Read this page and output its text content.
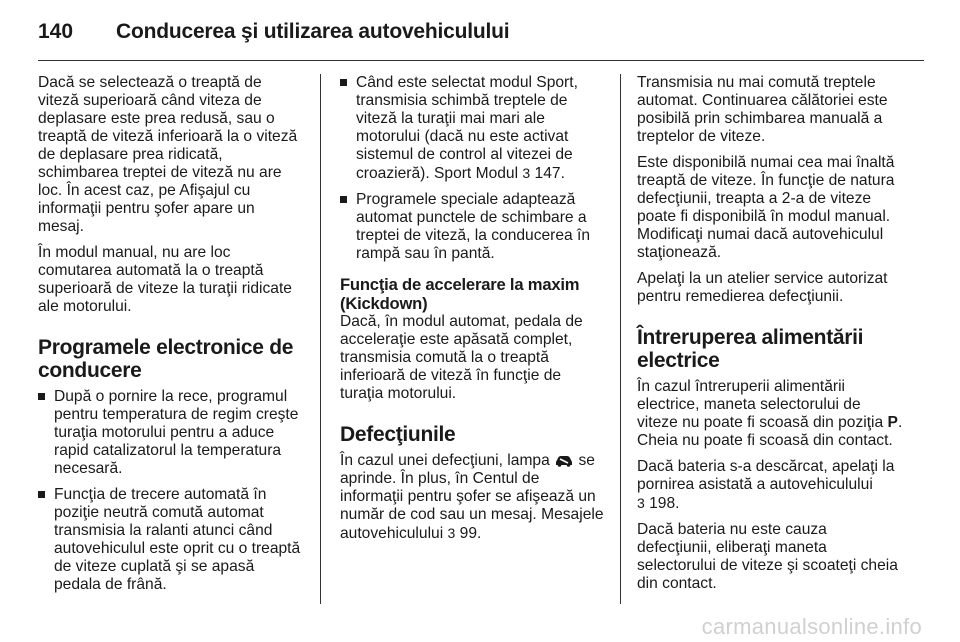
140	Conducerea şi utilizarea autovehiculului

Dacă se selectează o treaptă de viteză superioară când viteza de deplasare este prea redusă, sau o treaptă de viteză inferioară la o viteză de deplasare prea ridicată, schimbarea treptei de viteză nu are loc. În acest caz, pe Afişajul cu informaţii pentru şofer apare un mesaj.

În modul manual, nu are loc comutarea automată la o treaptă superioară de viteze la turaţii ridicate ale motorului.

Programele electronice de conducere
După o pornire la rece, programul pentru temperatura de regim creşte turaţia motorului pentru a aduce rapid catalizatorul la temperatura necesară.
Funcţia de trecere automată în poziţie neutră comută automat transmisia la ralanti atunci când autovehiculul este oprit cu o treaptă de viteze cuplată şi se apasă pedala de frână.
Când este selectat modul Sport, transmisia schimbă treptele de viteză la turaţii mai mari ale motorului (dacă nu este activat sistemul de control al vitezei de croazieră). Sport Modul 3 147.
Programele speciale adaptează automat punctele de schimbare a treptei de viteză, la conducerea în rampă sau în pantă.
Funcţia de accelerare la maxim (Kickdown)

Dacă, în modul automat, pedala de acceleraţie este apăsată complet, transmisia comută la o treaptă inferioară de viteză în funcţie de turaţia motorului.

Defecţiunile

În cazul unei defecţiuni, lampa se aprinde. În plus, în Centul de informaţii pentru şofer se afişează un număr de cod sau un mesaj. Mesajele autovehiculului 3 99.

Transmisia nu mai comută treptele automat. Continuarea călătoriei este posibilă prin schimbarea manuală a treptelor de viteze.

Este disponibilă numai cea mai înaltă treaptă de viteze. În funcţie de natura defecţiunii, treapta a 2-a de viteze poate fi disponibilă în modul manual. Modificaţi numai dacă autovehiculul staţionează.

Apelaţi la un atelier service autorizat pentru remedierea defecţiunii.

Întreruperea alimentării electrice

În cazul întreruperii alimentării electrice, maneta selectorului de viteze nu poate fi scoasă din poziţia P. Cheia nu poate fi scoasă din contact.

Dacă bateria s-a descărcat, apelaţi la pornirea asistată a autovehiculului
3 198.

Dacă bateria nu este cauza defecţiunii, eliberaţi maneta selectorului de viteze şi scoateţi cheia din contact.

carmanualsonline.info
